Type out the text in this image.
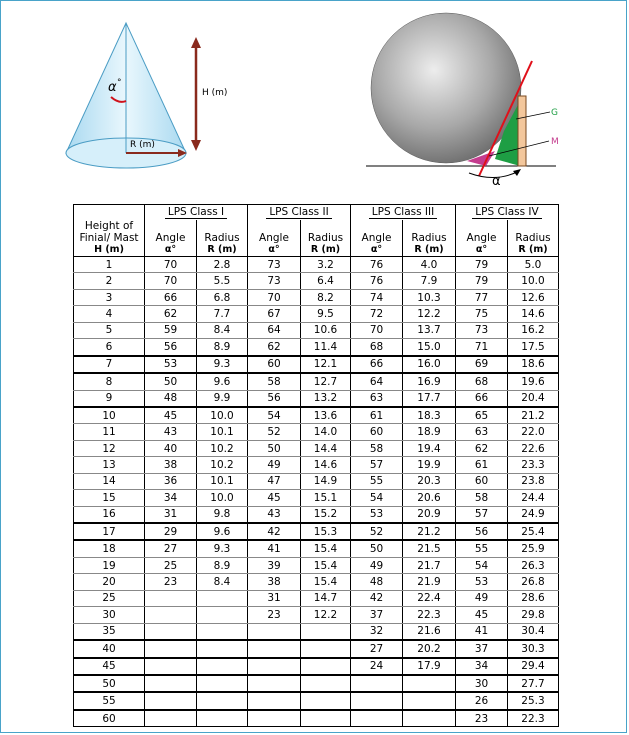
α °
R (m)
H (m)
G
M
α
	LPS Class I		LPS Class II		LPS Class III		LPS Class IV	

Height of
Finial/ Mast	Angle	Radius	Angle	Radius	Angle	Radius	Angle	Radius
H (m)	α°	R (m)	α°	R (m)	α°	R (m)	α°	R (m)
1	70	2.8	73	3.2	76	4.0	79	5.0
2	70	5.5	73	6.4	76	7.9	79	10.0
3	66	6.8	70	8.2	74	10.3	77	12.6
4	62	7.7	67	9.5	72	12.2	75	14.6
5	59	8.4	64	10.6	70	13.7	73	16.2
6	56	8.9	62	11.4	68	15.0	71	17.5
7	53	9.3	60	12.1	66	16.0	69	18.6
8	50	9.6	58	12.7	64	16.9	68	19.6
9	48	9.9	56	13.2	63	17.7	66	20.4
10	45	10.0	54	13.6	61	18.3	65	21.2
11	43	10.1	52	14.0	60	18.9	63	22.0
12	40	10.2	50	14.4	58	19.4	62	22.6
13	38	10.2	49	14.6	57	19.9	61	23.3
14	36	10.1	47	14.9	55	20.3	60	23.8
15	34	10.0	45	15.1	54	20.6	58	24.4
16	31	9.8	43	15.2	53	20.9	57	24.9
17	29	9.6	42	15.3	52	21.2	56	25.4
18	27	9.3	41	15.4	50	21.5	55	25.9
19	25	8.9	39	15.4	49	21.7	54	26.3
20	23	8.4	38	15.4	48	21.9	53	26.8
25			31	14.7	42	22.4	49	28.6
30			23	12.2	37	22.3	45	29.8
35					32	21.6	41	30.4
40					27	20.2	37	30.3
45					24	17.9	34	29.4
50							30	27.7
55							26	25.3
60							23	22.3
